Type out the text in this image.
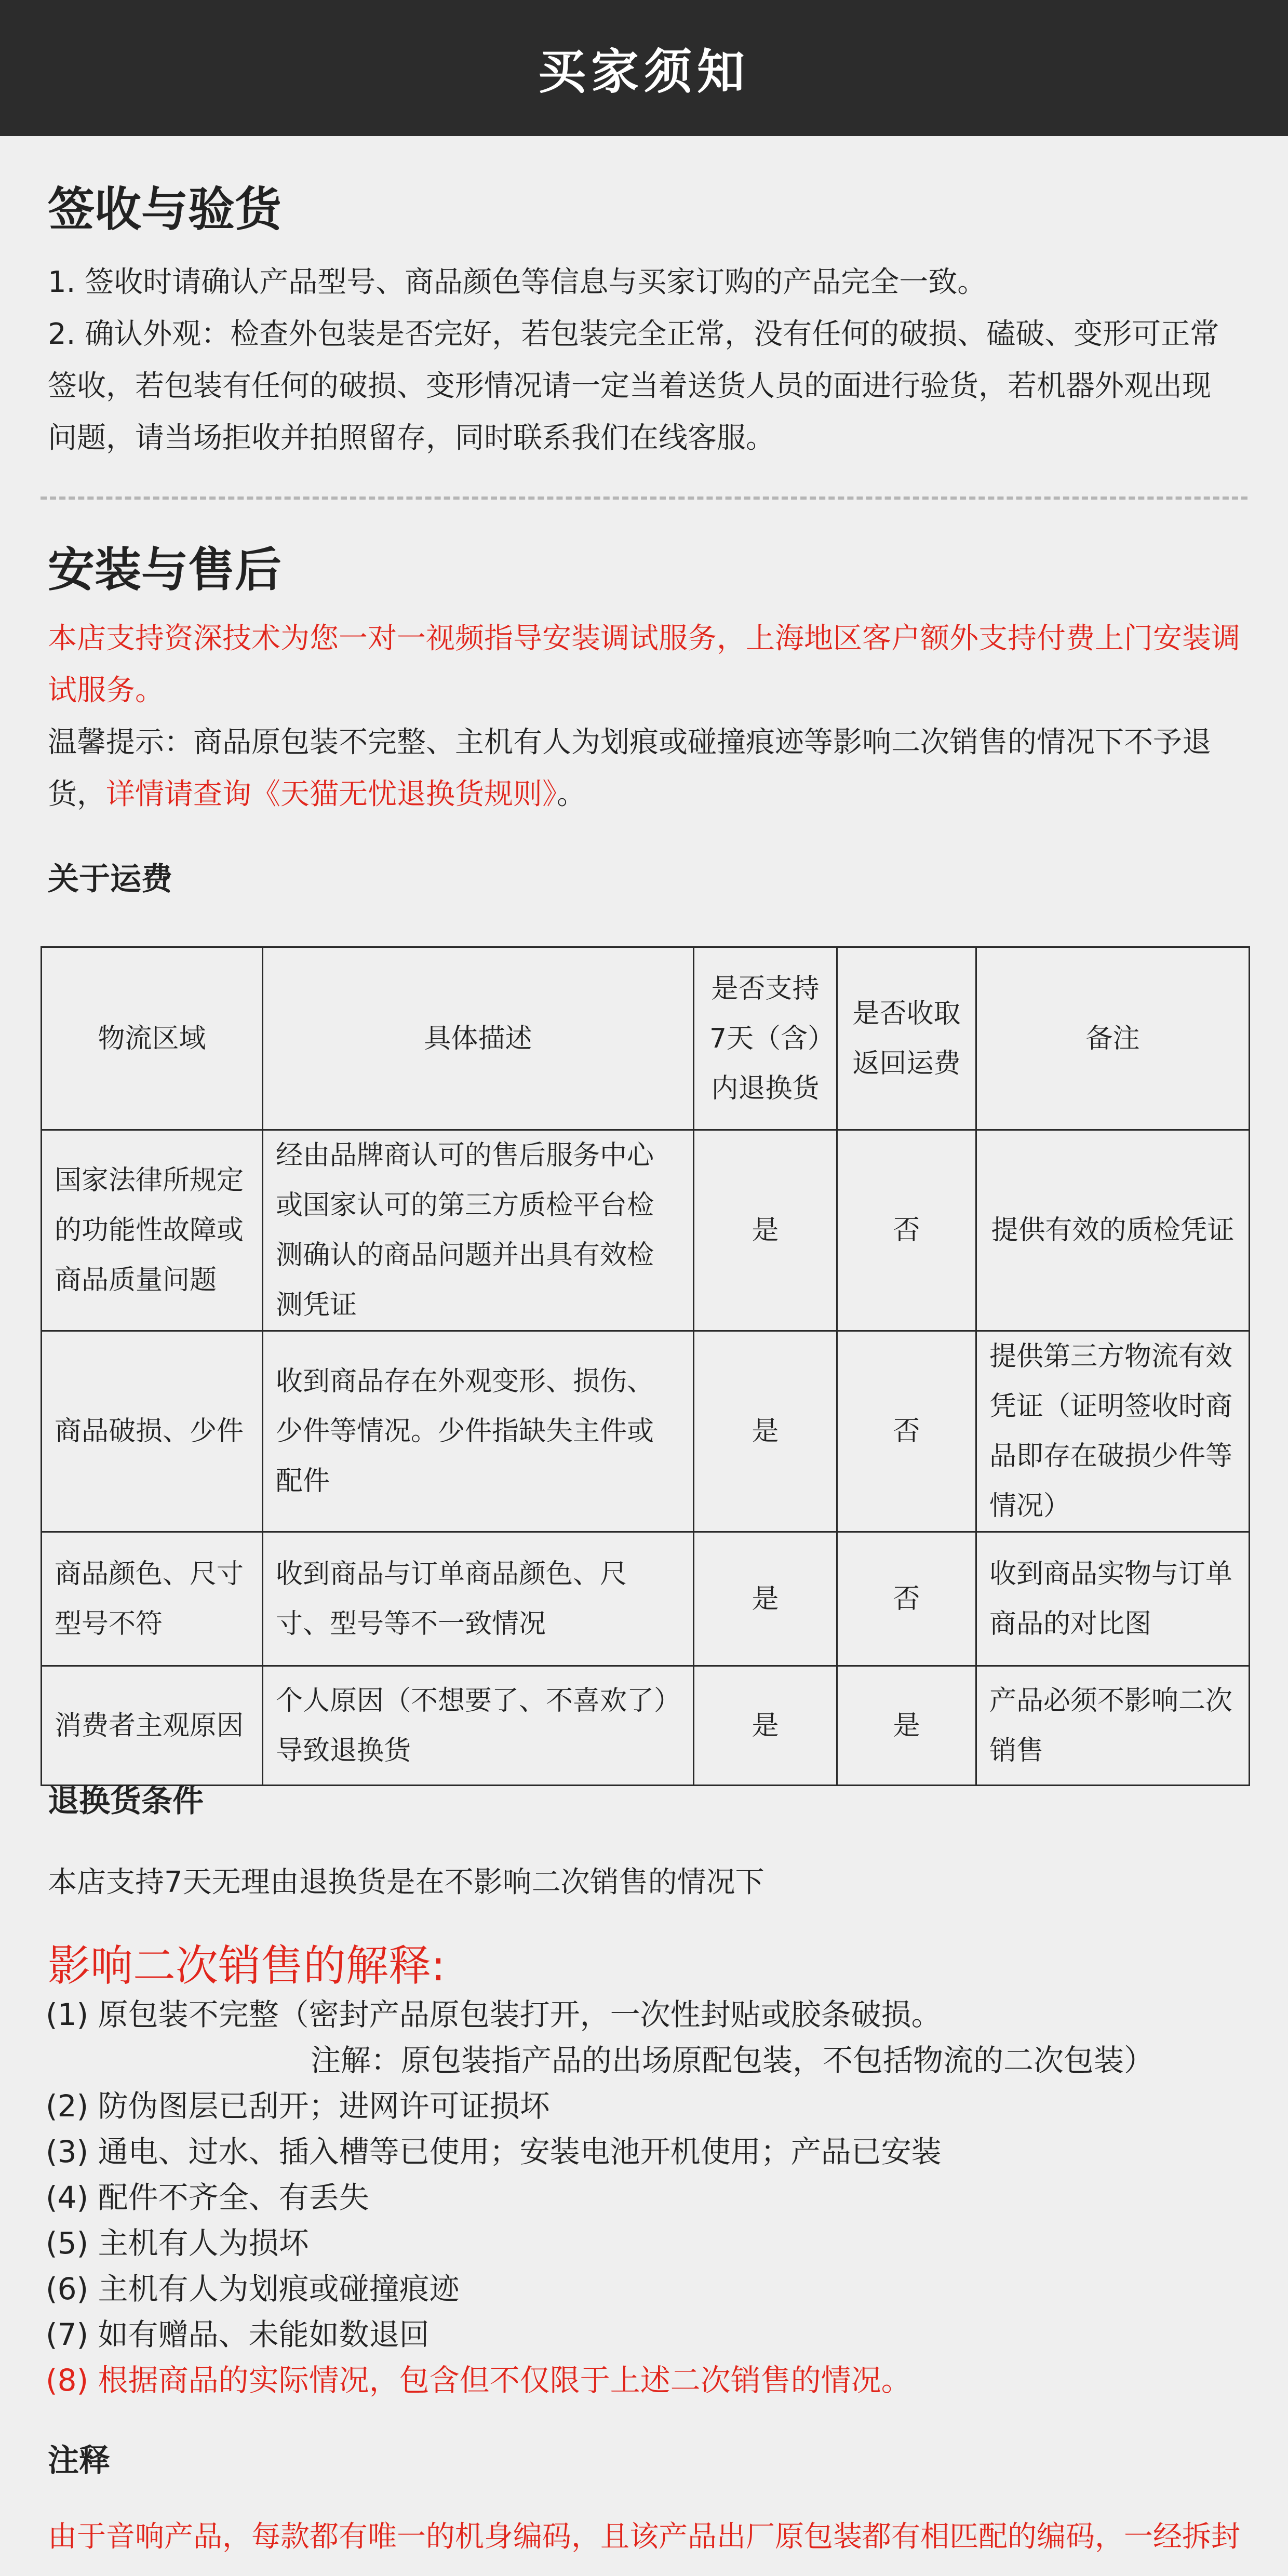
买家须知
签收与验货

1. 签收时请确认产品型号、商品颜色等信息与买家订购的产品完全一致。

2. 确认外观：检查外包装是否完好，若包装完全正常，没有任何的破损、磕破、变形可正常

签收，若包装有任何的破损、变形情况请一定当着送货人员的面进行验货，若机器外观出现

问题，请当场拒收并拍照留存，同时联系我们在线客服。

安装与售后

本店支持资深技术为您一对一视频指导安装调试服务，上海地区客户额外支持付费上门安装调

试服务。

温馨提示：商品原包装不完整、主机有人为划痕或碰撞痕迹等影响二次销售的情况下不予退

货，详情请查询《天猫无忧退换货规则》。

关于运费
物流区域	具体描述	是否支持7天（含）内退换货	是否收取返回运费	备注
国家法律所规定的功能性故障或商品质量问题	经由品牌商认可的售后服务中心或国家认可的第三方质检平台检测确认的商品问题并出具有效检测凭证	是	否	提供有效的质检凭证
商品破损、少件	收到商品存在外观变形、损伤、少件等情况。少件指缺失主件或配件	是	否	提供第三方物流有效凭证（证明签收时商品即存在破损少件等情况）
商品颜色、尺寸型号不符	收到商品与订单商品颜色、尺寸、型号等不一致情况	是	否	收到商品实物与订单商品的对比图
消费者主观原因	个人原因（不想要了、不喜欢了）导致退换货	是	是	产品必须不影响二次销售
退换货条件
本店支持7天无理由退换货是在不影响二次销售的情况下
影响二次销售的解释:
(1) 原包装不完整（密封产品原包装打开，一次性封贴或胶条破损。
注解：原包装指产品的出场原配包装，不包括物流的二次包装）
(2) 防伪图层已刮开；进网许可证损坏
(3) 通电、过水、插入槽等已使用；安装电池开机使用；产品已安装
(4) 配件不齐全、有丢失
(5) 主机有人为损坏
(6) 主机有人为划痕或碰撞痕迹
(7) 如有赠品、未能如数退回
(8) 根据商品的实际情况，包含但不仅限于上述二次销售的情况。
注释
由于音响产品，每款都有唯一的机身编码，且该产品出厂原包装都有相匹配的编码，一经拆封
